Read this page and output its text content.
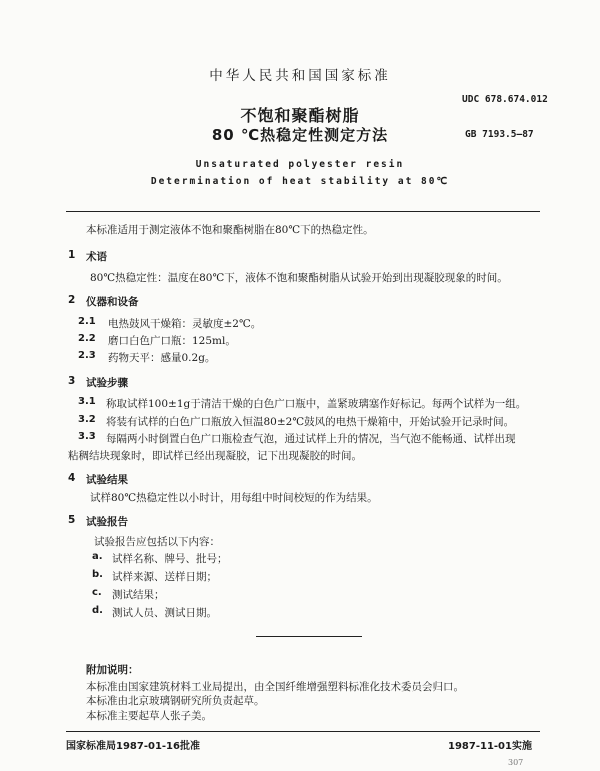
中华人民共和国国家标准
UDC 678.674.012
不饱和聚酯树脂
80 ℃热稳定性测定方法	GB 7193.5—87
Unsaturated polyester resin
Determination of heat stability at 80℃
本标准适用于测定液体不饱和聚酯树脂在80℃下的热稳定性。
1 术语
80℃热稳定性：温度在80℃下，液体不饱和聚酯树脂从试验开始到出现凝胶现象的时间。
2 仪器和设备
2.1 电热鼓风干燥箱：灵敏度±2℃。
2.2 磨口白色广口瓶：125ml。
2.3 药物天平：感量0.2g。
3 试验步骤
3.1 称取试样100±1g于清洁干燥的白色广口瓶中，盖紧玻璃塞作好标记。每两个试样为一组。
3.2 将装有试样的白色广口瓶放入恒温80±2℃鼓风的电热干燥箱中，开始试验开记录时间。
3.3 每隔两小时倒置白色广口瓶检查气泡，通过试样上升的情况，当气泡不能畅通、试样出现
粘稠结块现象时，即试样已经出现凝胶，记下出现凝胶的时间。
4 试验结果
试样80℃热稳定性以小时计，用每组中时间校短的作为结果。
5 试验报告
试验报告应包括以下内容：
a. 试样名称、牌号、批号；
b. 试样来源、送样日期；
c. 测试结果；
d. 测试人员、测试日期。
附加说明：
本标准由国家建筑材料工业局提出，由全国纤维增强塑料标准化技术委员会归口。
本标准由北京玻璃钢研究所负责起草。
本标准主要起草人张子美。
国家标准局1987-01-16批准	1987-11-01实施
307
